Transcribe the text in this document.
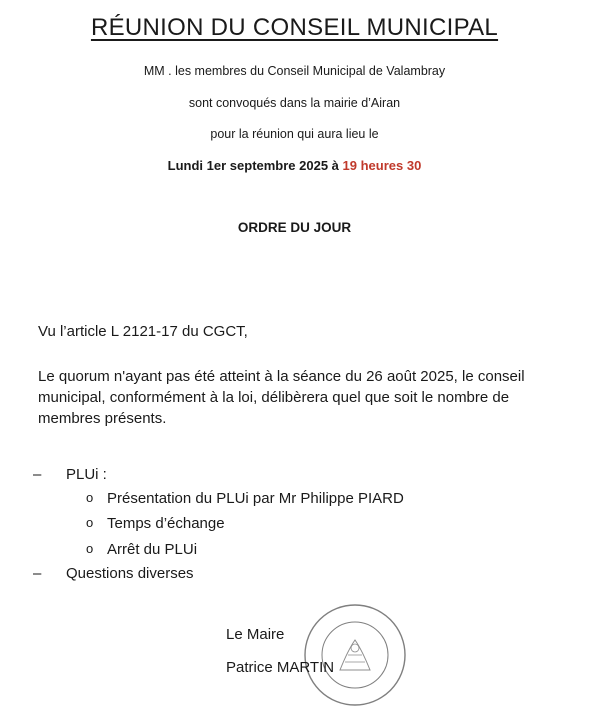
RÉUNION DU CONSEIL MUNICIPAL
MM . les membres du Conseil Municipal de Valambray
sont convoqués dans la mairie d’Airan
pour la réunion qui aura lieu le
Lundi 1er septembre 2025 à 19 heures 30
ORDRE DU JOUR
Vu l’article L 2121-17 du CGCT,
Le quorum n'ayant pas été atteint à la séance du 26 août 2025, le conseil municipal, conformément à la loi, délibèrera quel que soit le nombre de membres présents.
– PLUi :
o Présentation du PLUi par Mr Philippe PIARD
o Temps d’échange
o Arrêt du PLUi
– Questions diverses
Le Maire
Patrice MARTIN
